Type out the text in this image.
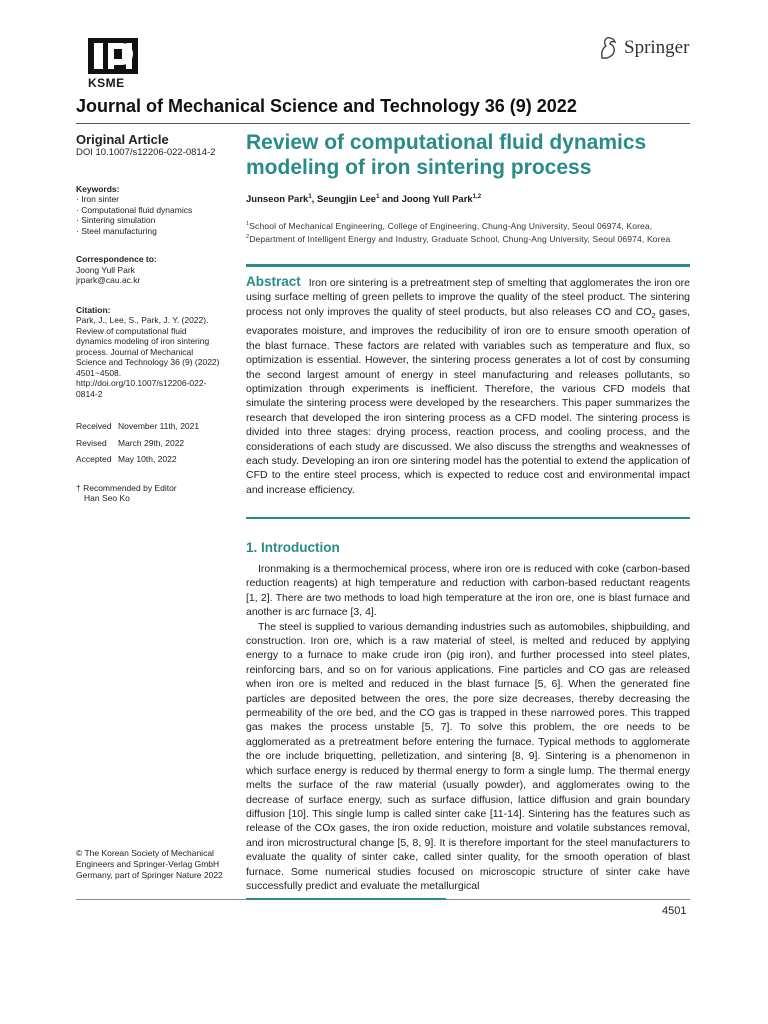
KSME
Springer
Journal of Mechanical Science and Technology 36 (9) 2022
Original Article
DOI 10.1007/s12206-022-0814-2
Keywords:
· Iron sinter
· Computational fluid dynamics
· Sintering simulation
· Steel manufacturing
Correspondence to:
Joong Yull Park
jrpark@cau.ac.kr
Citation:
Park, J., Lee, S., Park, J. Y. (2022). Review of computational fluid dynamics modeling of iron sintering process. Journal of Mechanical Science and Technology 36 (9) (2022) 4501~4508. http://doi.org/10.1007/s12206-022-0814-2
Received November 11th, 2021
Revised	March 29th, 2022
Accepted May 10th, 2022
† Recommended by Editor
Han Seo Ko
© The Korean Society of Mechanical Engineers and Springer-Verlag GmbH Germany, part of Springer Nature 2022
Review of computational fluid dynamics modeling of iron sintering process
Junseon Park$^1$, Seungjin Lee$^1$ and Joong Yull Park$^{1,2}$
$^1$School of Mechanical Engineering, College of Engineering, Chung-Ang University, Seoul 06974, Korea,
$^2$Department of Intelligent Energy and Industry, Graduate School, Chung-Ang University, Seoul 06974, Korea
Abstract Iron ore sintering is a pretreatment step of smelting that agglomerates the iron ore using surface melting of green pellets to improve the quality of the steel product. The sintering process not only improves the quality of steel products, but also releases CO and $CO_2$ gases, evaporates moisture, and improves the reducibility of iron ore to ensure smooth operation of the blast furnace. These factors are related with variables such as temperature and flux, so optimization is essential. However, the sintering process generates a lot of cost by consuming the second largest amount of energy in steel manufacturing and releases pollutants, so optimization through experiments is inefficient. Therefore, the various CFD models that simulate the sintering process were developed by the researchers. This paper summarizes the research that developed the iron sintering process as a CFD model. The sintering process is divided into three stages: drying process, reaction process, and cooling process, and the considerations of each study are discussed. We also discuss the strengths and weaknesses of each study. Developing an iron ore sintering model has the potential to extend the application of CFD to the entire steel process, which is expected to reduce cost and environmental impact and increase efficiency.
1. Introduction

Ironmaking is a thermochemical process, where iron ore is reduced with coke (carbon-based reduction reagents) at high temperature and reduction with carbon-based reductant reagents [1, 2]. There are two methods to load high temperature at the iron ore, one is blast furnace and another is arc furnace [3, 4].

The steel is supplied to various demanding industries such as automobiles, shipbuilding, and construction. Iron ore, which is a raw material of steel, is melted and reduced by applying energy to a furnace to make crude iron (pig iron), and further processed into steel plates, reinforcing bars, and so on for various applications. Fine particles and CO gas are released when iron ore is melted and reduced in the blast furnace [5, 6]. When the generated fine particles are deposited between the ores, the pore size decreases, thereby decreasing the permeability of the ore bed, and the CO gas is trapped in these narrowed pores. This trapped gas makes the process unstable [5, 7]. To solve this problem, the ore needs to be agglomerated as a pretreatment before entering the furnace. Typical methods to agglomerate the ore include briquetting, pelletization, and sintering [8, 9]. Sintering is a phenomenon in which surface energy is reduced by thermal energy to form a single lump. The thermal energy melts the surface of the raw material (usually powder), and agglomerates owing to the decrease of surface energy, such as surface diffusion, lattice diffusion and grain boundary diffusion [10]. This single lump is called sinter cake [11-14]. Sintering has the features such as release of the COx gases, the iron oxide reduction, moisture and volatile substances removal, and iron microstructural change [5, 8, 9]. It is therefore important for the steel manufacturers to evaluate the quality of sinter cake, called sinter quality, for the smooth operation of blast furnace. Some numerical studies focused on microscopic structure of sinter cake have successfully predict and evaluate the metallurgical

4501
